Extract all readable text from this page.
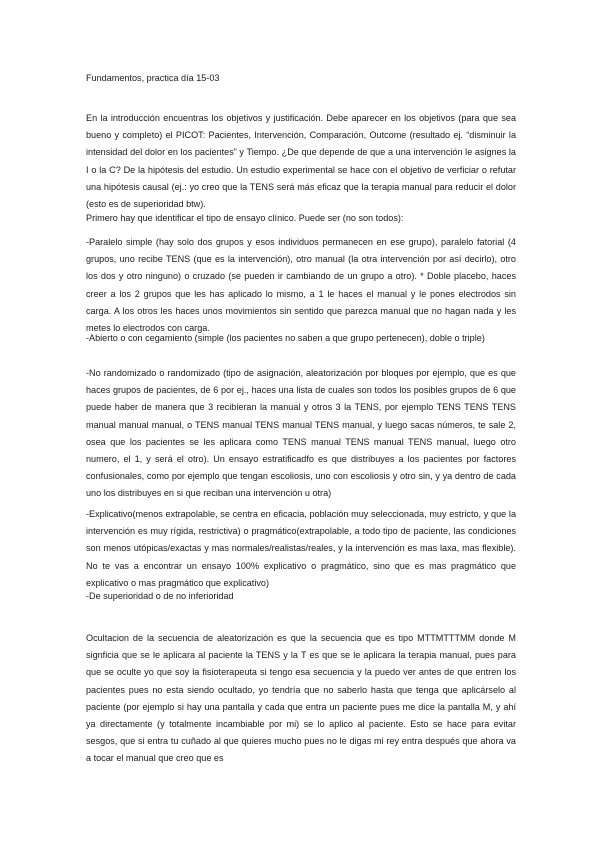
Fundamentos, practica día 15-03

En la introducción encuentras los objetivos y justificación. Debe aparecer en los objetivos (para que sea bueno y completo) el PICOT: Pacientes, Intervención, Comparación, Outcome (resultado ej. “disminuir la intensidad del dolor en los pacientes” y Tiempo. ¿De que depende de que a una intervención le asignes la I o la C? De la hipótesis del estudio. Un estudio experimental se hace con el objetivo de verficiar o refutar una hipótesis causal (ej.: yo creo que la TENS será más eficaz que la terapia manual para reducir el dolor (esto es de superioridad btw).

Primero hay que identificar el tipo de ensayo clínico. Puede ser (no son todos):

-Paralelo simple (hay solo dos grupos y esos individuos permanecen en ese grupo), paralelo fatorial (4 grupos, uno recibe TENS (que es la intervención), otro manual (la otra intervención por así decirlo), otro los dos y otro ninguno) o cruzado (se pueden ir cambiando de un grupo a otro). * Doble placebo, haces creer a los 2 grupos que les has aplicado lo mismo, a 1 le haces el manual y le pones electrodos sin carga. A los otros les haces unos movimientos sin sentido que parezca manual que no hagan nada y les metes lo electrodos con carga.

-Abierto o con cegamiento (simple (los pacientes no saben a que grupo pertenecen), doble o triple)

-No randomizado o randomizado (tipo de asignación, aleatorización por bloques por ejemplo, que es que haces grupos de pacientes, de 6 por ej., haces una lista de cuales son todos los posibles grupos de 6 que puede haber de manera que 3 recibieran la manual y otros 3 la TENS, por ejemplo TENS TENS TENS manual manual manual, o TENS manual TENS manual TENS manual, y luego sacas números, te sale 2, osea que los pacientes se les aplicara como TENS manual TENS manual TENS manual, luego otro numero, el 1, y será el otro). Un ensayo estratificadfo es que distribuyes a los pacientes por factores confusionales, como por ejemplo que tengan escoliosis, uno con escoliosis y otro sin, y ya dentro de cada uno los distribuyes en si que reciban una intervención u otra)

-Explicativo(menos extrapolable, se centra en eficacia, población muy seleccionada, muy estricto, y que la intervención es muy rígida, restrictiva) o pragmático(extrapolable, a todo tipo de paciente, las condiciones son menos utópicas/exactas y mas normales/realistas/reales, y la intervención es mas laxa, mas flexible). No te vas a encontrar un ensayo 100% explicativo o pragmático, sino que es mas pragmático que explicativo o mas pragmático que explicativo)

-De superioridad o de no inferioridad

Ocultacion de la secuencia de aleatorización es que la secuencia que es tipo MTTMTTTMM donde M signficia que se le aplicara al paciente la TENS y la T es que se le aplicara la terapia manual, pues para que se oculte yo que soy la fisioterapeuta si tengo esa secuencia y la puedo ver antes de que entren los pacientes pues no esta siendo ocultado, yo tendría que no saberlo hasta que tenga que aplicárselo al paciente (por ejemplo si hay una pantalla y cada que entra un paciente pues me dice la pantalla M, y ahí ya directamente (y totalmente incambiable por mi) se lo aplico al paciente. Esto se hace para evitar sesgos, que si entra tu cuñado al que quieres mucho pues no le digas mi rey entra después que ahora va a tocar el manual que creo que es
